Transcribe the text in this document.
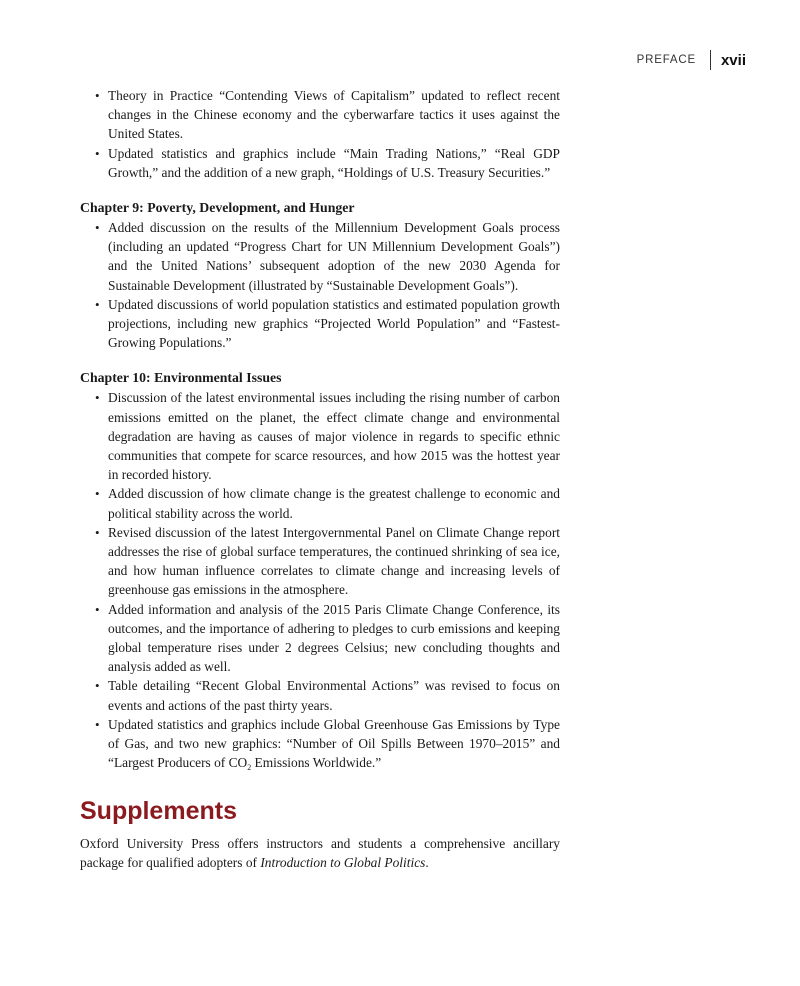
PREFACE xvii
• Theory in Practice “Contending Views of Capitalism” updated to reflect recent changes in the Chinese economy and the cyberwarfare tactics it uses against the United States.
• Updated statistics and graphics include “Main Trading Nations,” “Real GDP Growth,” and the addition of a new graph, “Holdings of U.S. Treasury Securities.”
Chapter 9: Poverty, Development, and Hunger
• Added discussion on the results of the Millennium Development Goals process (including an updated “Progress Chart for UN Millennium Development Goals”) and the United Nations’ subsequent adoption of the new 2030 Agenda for Sustainable Development (illustrated by “Sustainable Development Goals”).
• Updated discussions of world population statistics and estimated population growth projections, including new graphics “Projected World Population” and “Fastest-Growing Populations.”
Chapter 10: Environmental Issues
• Discussion of the latest environmental issues including the rising number of carbon emissions emitted on the planet, the effect climate change and environmental degradation are having as causes of major violence in regards to specific ethnic communities that compete for scarce resources, and how 2015 was the hottest year in recorded history.
• Added discussion of how climate change is the greatest challenge to economic and political stability across the world.
• Revised discussion of the latest Intergovernmental Panel on Climate Change report addresses the rise of global surface temperatures, the continued shrinking of sea ice, and how human influence correlates to climate change and increasing levels of greenhouse gas emissions in the atmosphere.
• Added information and analysis of the 2015 Paris Climate Change Conference, its outcomes, and the importance of adhering to pledges to curb emissions and keeping global temperature rises under 2 degrees Celsius; new concluding thoughts and analysis added as well.
• Table detailing “Recent Global Environmental Actions” was revised to focus on events and actions of the past thirty years.
• Updated statistics and graphics include Global Greenhouse Gas Emissions by Type of Gas, and two new graphics: “Number of Oil Spills Between 1970–2015” and “Largest Producers of $CO_2$ Emissions Worldwide.”
Supplements

Oxford University Press offers instructors and students a comprehensive ancillary package for qualified adopters of Introduction to Global Politics.
